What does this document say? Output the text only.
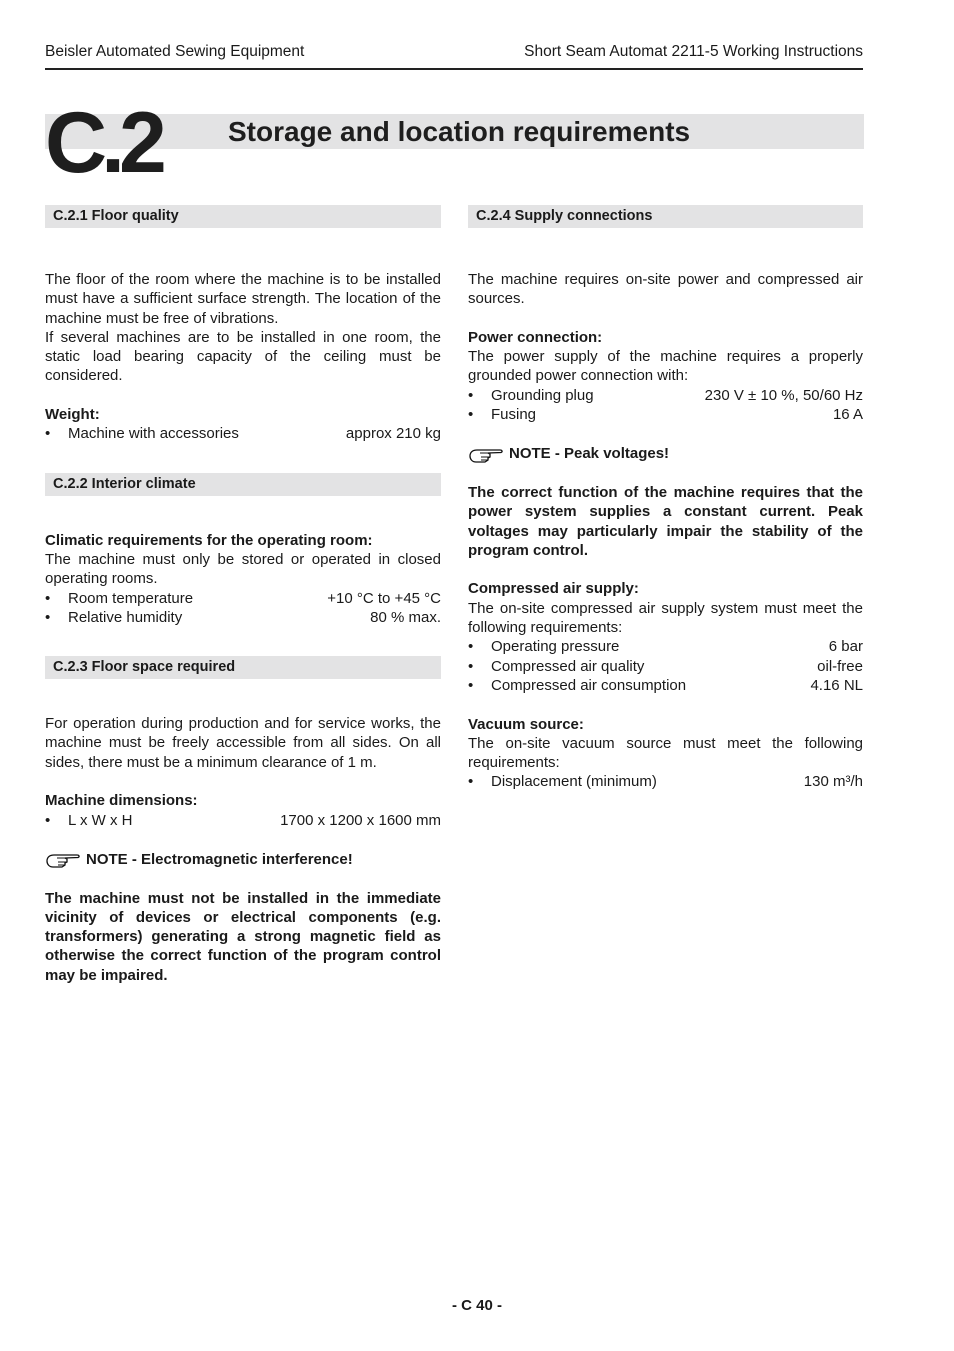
Beisler Automated Sewing Equipment	Short Seam Automat 2211-5 Working Instructions
C.2 Storage and location requirements
C.2.1 Floor quality

The floor of the room where the machine is to be installed must have a sufficient surface strength. The location of the machine must be free of vibrations.

If several machines are to be installed in one room, the static load bearing capacity of the ceiling must be considered.

Weight:

•	Machine with accessories	approx 210 kg
C.2.2 Interior climate

Climatic requirements for the operating room:

The machine must only be stored or operated in closed operating rooms.

•	Room temperature	+10 °C to +45 °C
•	Relative humidity	80 % max.
C.2.3 Floor space required

For operation during production and for service works, the machine must be freely accessible from all sides. On all sides, there must be a minimum clearance of 1 m.

Machine dimensions:

•	L x W x H	1700 x 1200 x 1600 mm
NOTE - Electromagnetic interference!

The machine must not be installed in the immediate vicinity of devices or electrical components (e.g. transformers) generating a strong magnetic field as otherwise the correct function of the program control may be impaired.

C.2.4 Supply connections

The machine requires on-site power and compressed air sources.

Power connection:

The power supply of the machine requires a properly grounded power connection with:

•	Grounding plug	230 V ± 10 %, 50/60 Hz
•	Fusing	16 A
NOTE - Peak voltages!

The correct function of the machine requires that the power system supplies a constant current. Peak voltages may particularly impair the stability of the program control.

Compressed air supply:

The on-site compressed air supply system must meet the following requirements:

•	Operating pressure	6 bar
•	Compressed air quality	oil-free
•	Compressed air consumption	4.16 NL

Vacuum source:

The on-site vacuum source must meet the following requirements:

•	Displacement (minimum)	130 m³/h
- C 40 -
